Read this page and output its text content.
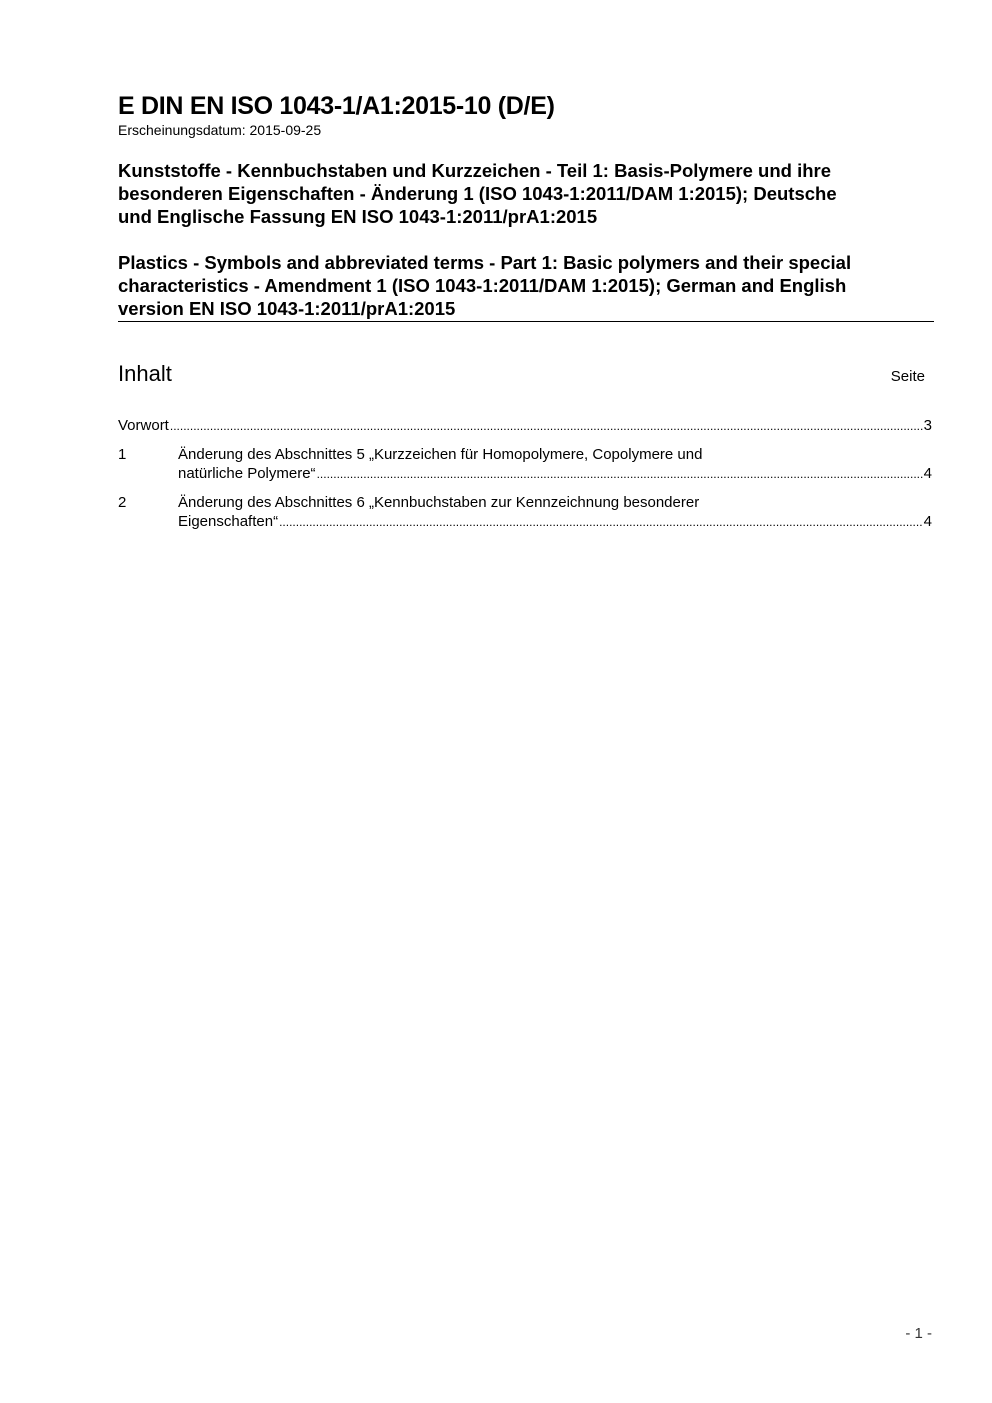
E DIN EN ISO 1043-1/A1:2015-10 (D/E)
Erscheinungsdatum: 2015-09-25
Kunststoffe - Kennbuchstaben und Kurzzeichen - Teil 1: Basis-Polymere und ihre
besonderen Eigenschaften - Änderung 1 (ISO 1043-1:2011/DAM 1:2015); Deutsche
und Englische Fassung EN ISO 1043-1:2011/prA1:2015
Plastics - Symbols and abbreviated terms - Part 1: Basic polymers and their special
characteristics - Amendment 1 (ISO 1043-1:2011/DAM 1:2015); German and English
version EN ISO 1043-1:2011/prA1:2015
Inhalt	Seite
Vorwort .....	3
1	Änderung des Abschnittes 5 „Kurzzeichen für Homopolymere, Copolymere und
natürliche Polymere“ .....	4
2	Änderung des Abschnittes 6 „Kennbuchstaben zur Kennzeichnung besonderer
Eigenschaften“ .....	4
- 1 -
